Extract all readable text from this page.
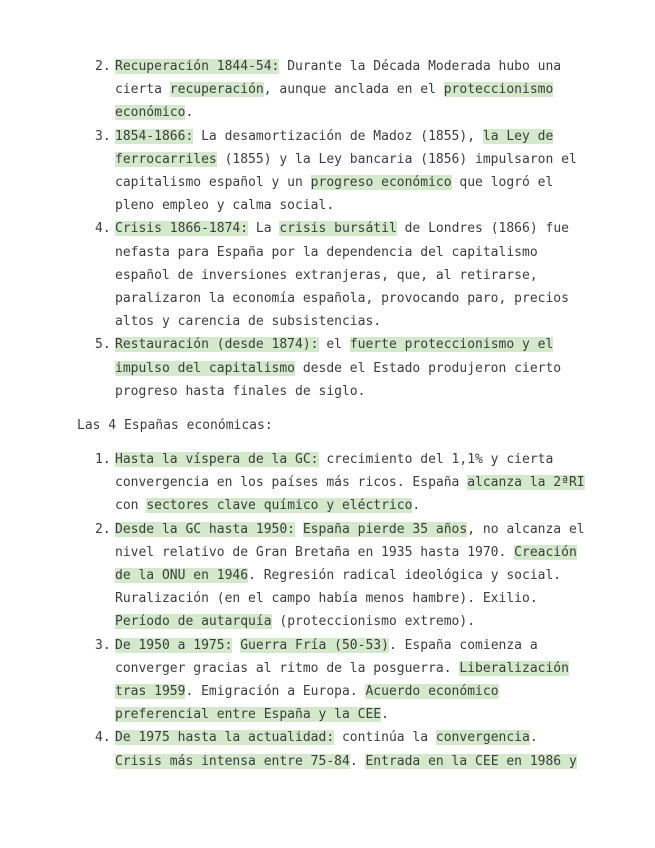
2. Recuperación 1844-54: Durante la Década Moderada hubo una cierta recuperación, aunque anclada en el proteccionismo económico.
3. 1854-1866: La desamortización de Madoz (1855), la Ley de ferrocarriles (1855) y la Ley bancaria (1856) impulsaron el capitalismo español y un progreso económico que logró el pleno empleo y calma social.
4. Crisis 1866-1874: La crisis bursátil de Londres (1866) fue nefasta para España por la dependencia del capitalismo español de inversiones extranjeras, que, al retirarse, paralizaron la economía española, provocando paro, precios altos y carencia de subsistencias.
5. Restauración (desde 1874): el fuerte proteccionismo y el impulso del capitalismo desde el Estado produjeron cierto progreso hasta finales de siglo.
Las 4 Españas económicas:
1. Hasta la víspera de la GC: crecimiento del 1,1% y cierta convergencia en los países más ricos. España alcanza la 2ªRI con sectores clave químico y eléctrico.
2. Desde la GC hasta 1950: España pierde 35 años, no alcanza el nivel relativo de Gran Bretaña en 1935 hasta 1970. Creación de la ONU en 1946. Regresión radical ideológica y social. Ruralización (en el campo había menos hambre). Exilio. Período de autarquía (proteccionismo extremo).
3. De 1950 a 1975: Guerra Fría (50-53). España comienza a converger gracias al ritmo de la posguerra. Liberalización tras 1959. Emigración a Europa. Acuerdo económico preferencial entre España y la CEE.
4. De 1975 hasta la actualidad: continúa la convergencia. Crisis más intensa entre 75-84. Entrada en la CEE en 1986 y
